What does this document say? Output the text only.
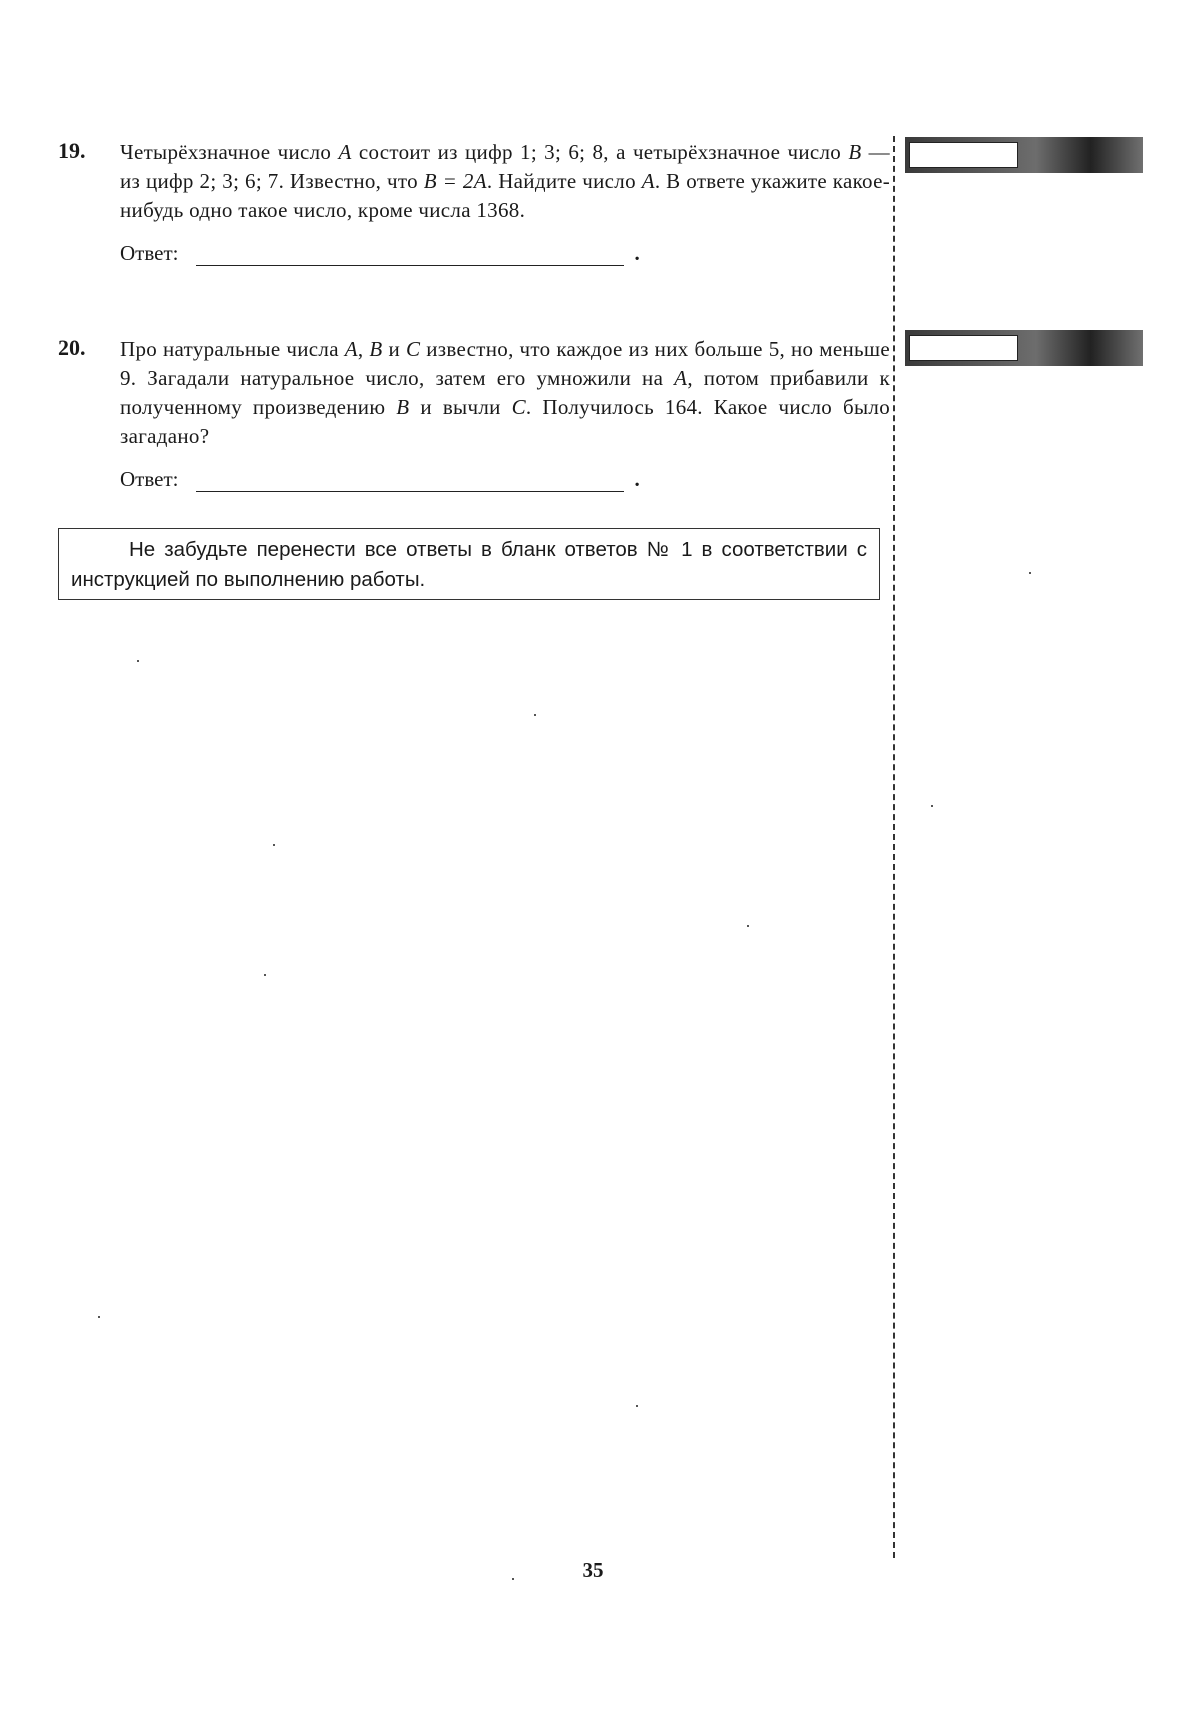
19. Четырёхзначное число A состоит из цифр 1; 3; 6; 8, а четырёхзначное число B — из цифр 2; 3; 6; 7. Известно, что B = 2A. Найдите число A. В ответе укажите какое-нибудь одно такое число, кроме числа 1368.
Ответ:	.
20. Про натуральные числа A, B и C известно, что каждое из них больше 5, но меньше 9. Загадали натуральное число, затем его умножили на A, потом прибавили к полученному произведению B и вычли C. Получилось 164. Какое число было загадано?
Ответ:	.
Не забудьте перенести все ответы в бланк ответов № 1 в соответствии с инструкцией по выполнению работы.
35
